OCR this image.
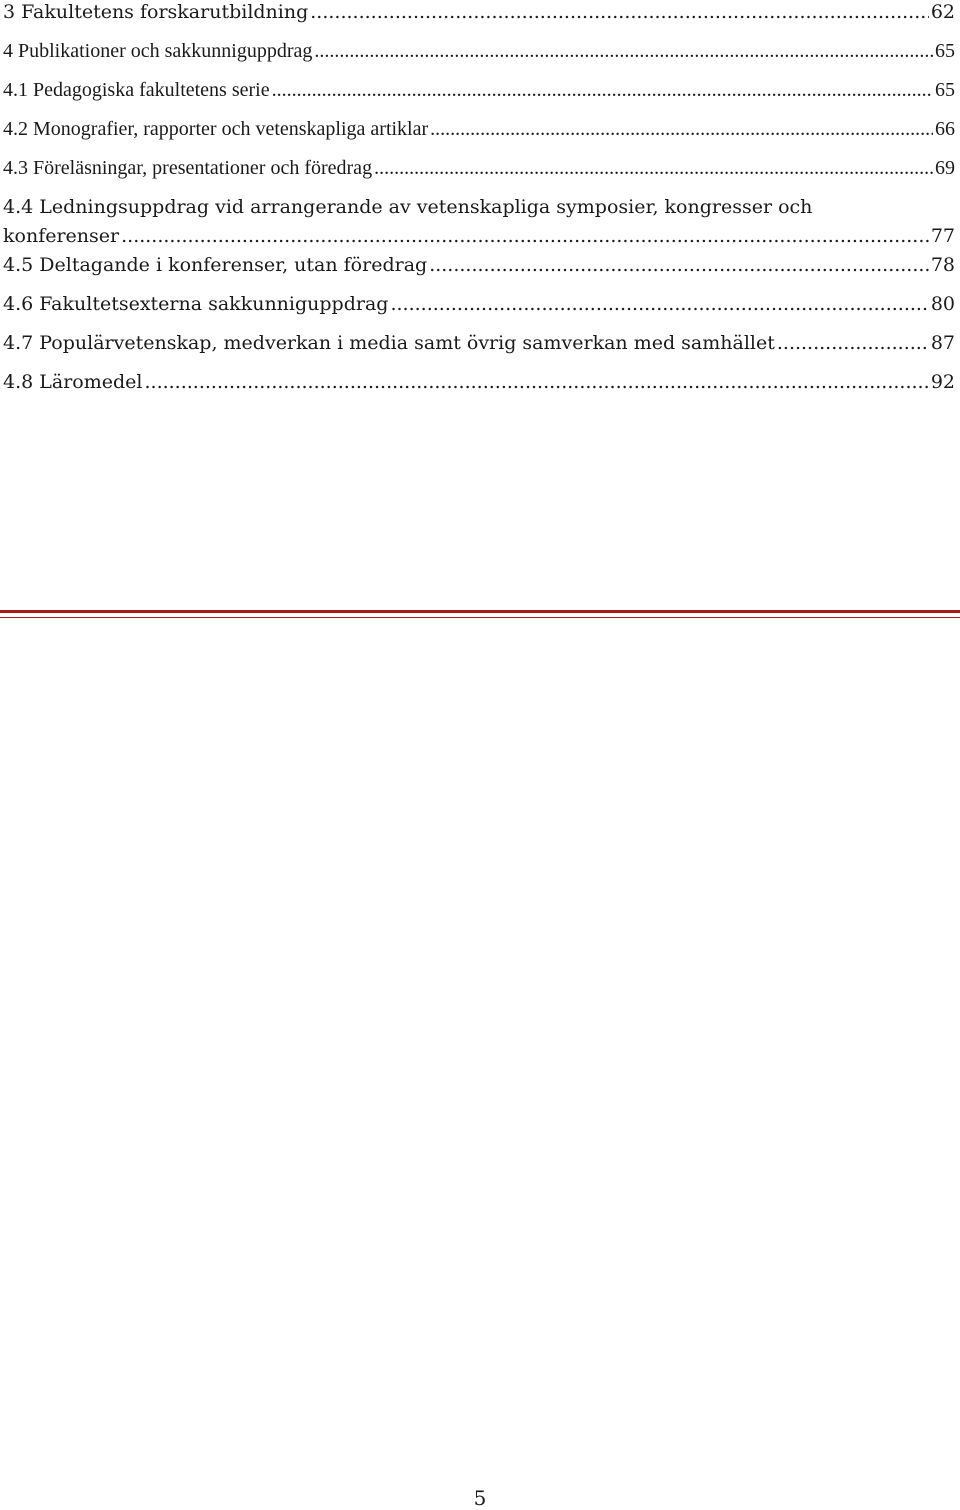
3
Fakultetens forskarutbildning .....	62
4
Publikationer och sakkunniguppdrag .....	65
4.1
Pedagogiska fakultetens serie .....	65
4.2
Monografier, rapporter och vetenskapliga artiklar .....	66
4.3
Föreläsningar, presentationer och föredrag .....	69
4.4 Ledningsuppdrag vid arrangerande av vetenskapliga symposier, kongresser och
konferenser .....	77
4.5
Deltagande i konferenser, utan föredrag .....	78
4.6
Fakultetsexterna sakkunniguppdrag .....	80
4.7
Populärvetenskap, medverkan i media samt övrig samverkan med samhället .....	87
4.8
Läromedel .....	92
5
